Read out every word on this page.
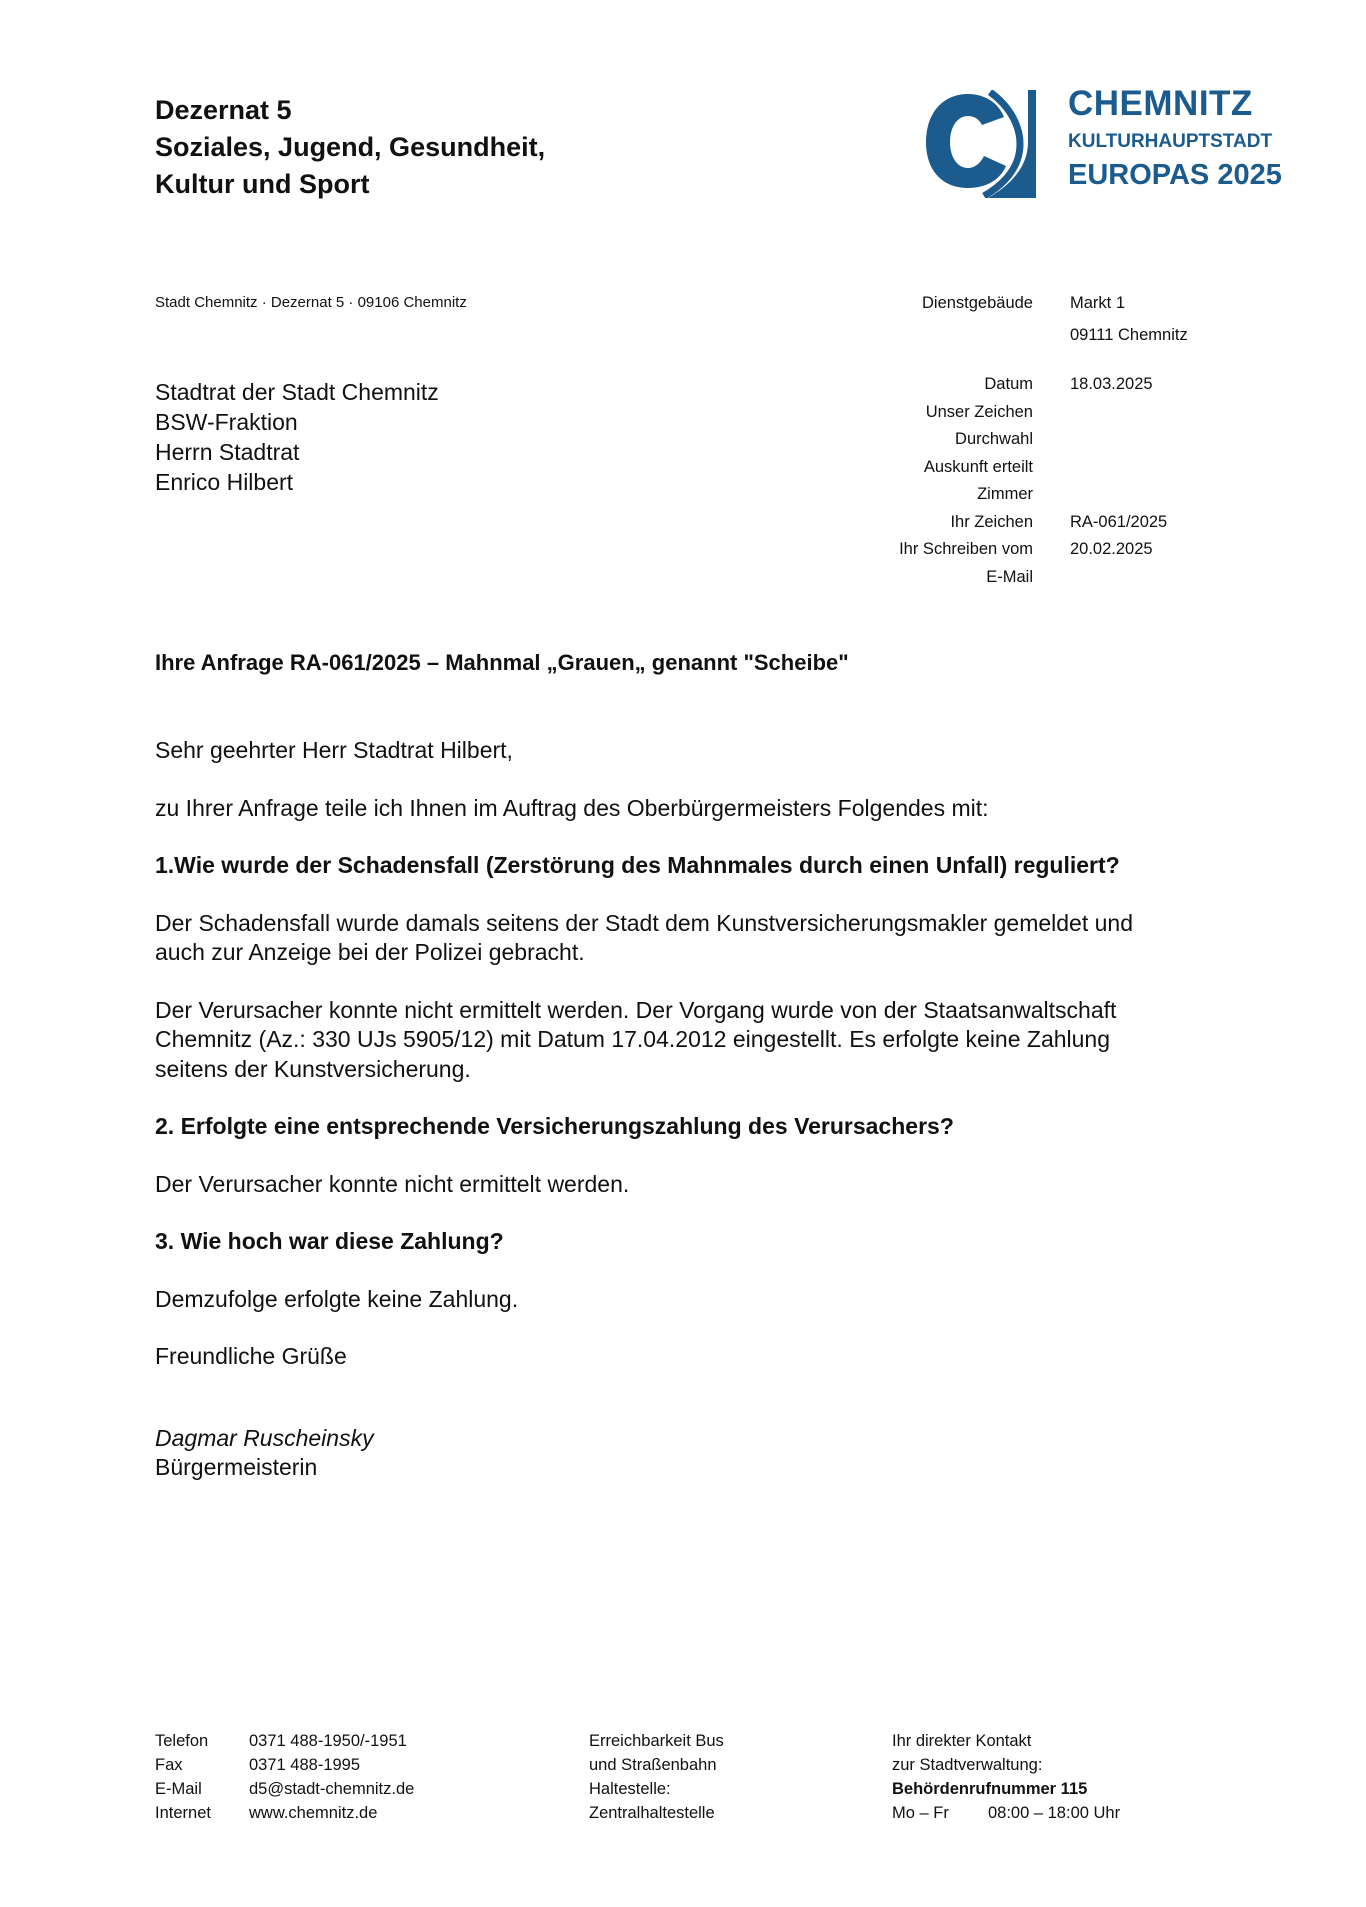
Dezernat 5
Soziales, Jugend, Gesundheit,
Kultur und Sport
CHEMNITZ
KULTURHAUPTSTADT
EUROPAS 2025
Stadt Chemnitz · Dezernat 5 · 09106 Chemnitz
Stadtrat der Stadt Chemnitz
BSW-Fraktion
Herrn Stadtrat
Enrico Hilbert
Dienstgebäude Markt 1
09111 Chemnitz
Datum 18.03.2025
Unser Zeichen
Durchwahl
Auskunft erteilt
Zimmer
Ihr Zeichen RA-061/2025
Ihr Schreiben vom 20.02.2025
E-Mail
Ihre Anfrage RA-061/2025 – Mahnmal „Grauen„ genannt "Scheibe"

Sehr geehrter Herr Stadtrat Hilbert,

zu Ihrer Anfrage teile ich Ihnen im Auftrag des Oberbürgermeisters Folgendes mit:

1.Wie wurde der Schadensfall (Zerstörung des Mahnmales durch einen Unfall) reguliert?

Der Schadensfall wurde damals seitens der Stadt dem Kunstversicherungsmakler gemeldet und

auch zur Anzeige bei der Polizei gebracht.

Der Verursacher konnte nicht ermittelt werden. Der Vorgang wurde von der Staatsanwaltschaft

Chemnitz (Az.: 330 UJs 5905/12) mit Datum 17.04.2012 eingestellt. Es erfolgte keine Zahlung

seitens der Kunstversicherung.

2. Erfolgte eine entsprechende Versicherungszahlung des Verursachers?

Der Verursacher konnte nicht ermittelt werden.

3. Wie hoch war diese Zahlung?

Demzufolge erfolgte keine Zahlung.

Freundliche Grüße

Dagmar Ruscheinsky

Bürgermeisterin

Telefon	0371 488-1950/-1951
Fax	0371 488-1995
E-Mail	d5@stadt-chemnitz.de
Internet	www.chemnitz.de
Erreichbarkeit Bus
und Straßenbahn
Haltestelle:
Zentralhaltestelle
Ihr direkter Kontakt
zur Stadtverwaltung:
Behördenrufnummer 115
Mo – Fr	08:00 – 18:00 Uhr
